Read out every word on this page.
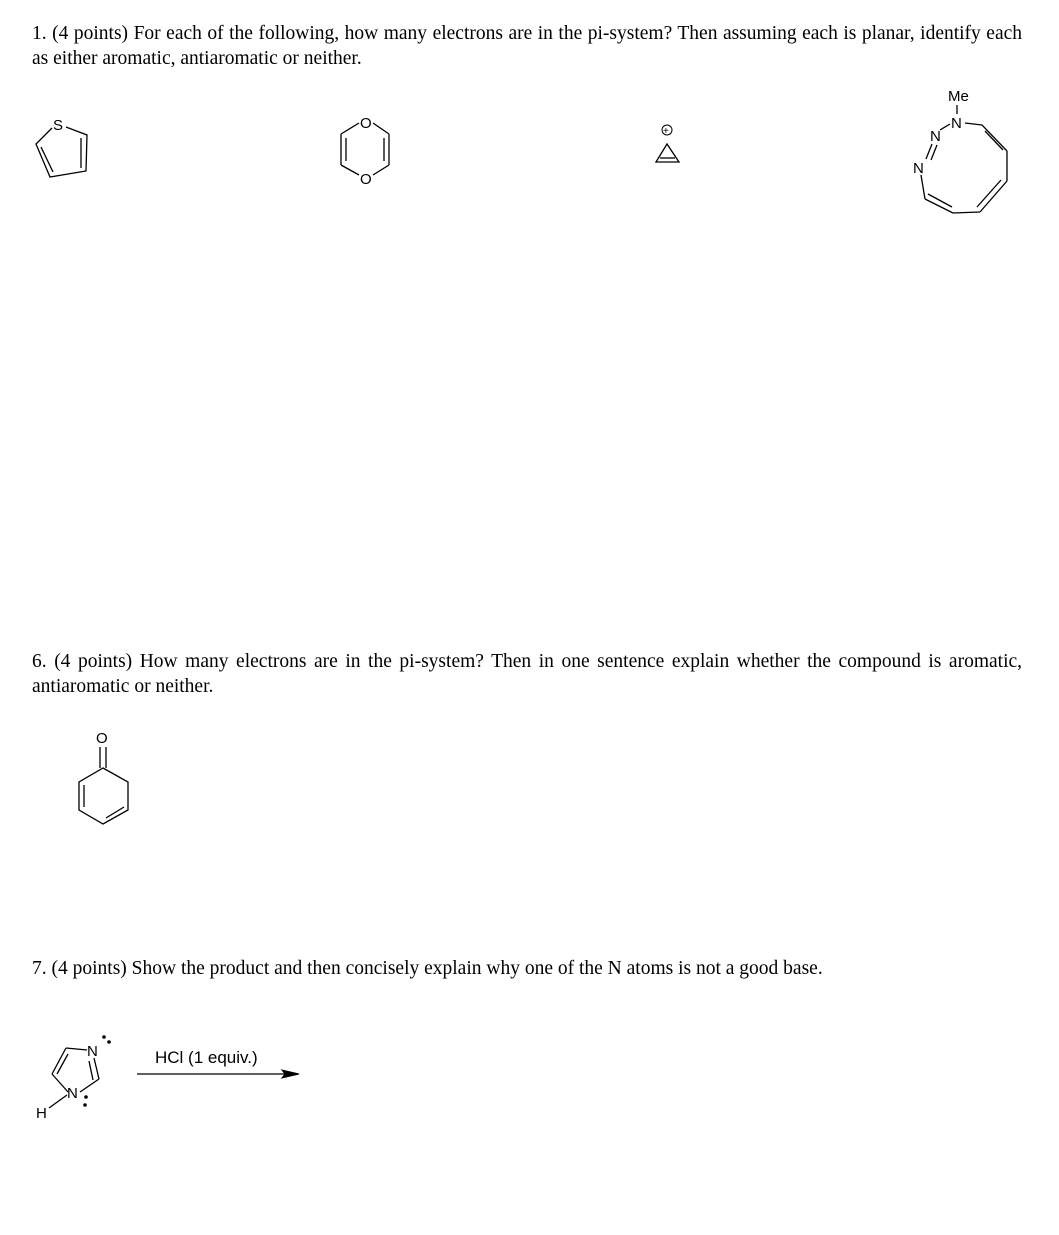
1. (4 points) For each of the following, how many electrons are in the pi-system? Then assuming each is planar, identify each as either aromatic, antiaromatic or neither.
S	O
O
+
Me
N
N
N
6. (4 points) How many electrons are in the pi-system? Then in one sentence explain whether the compound is aromatic, antiaromatic or neither.
O
7. (4 points) Show the product and then concisely explain why one of the N atoms is not a good base.
N
N
H
HCl (1 equiv.)
